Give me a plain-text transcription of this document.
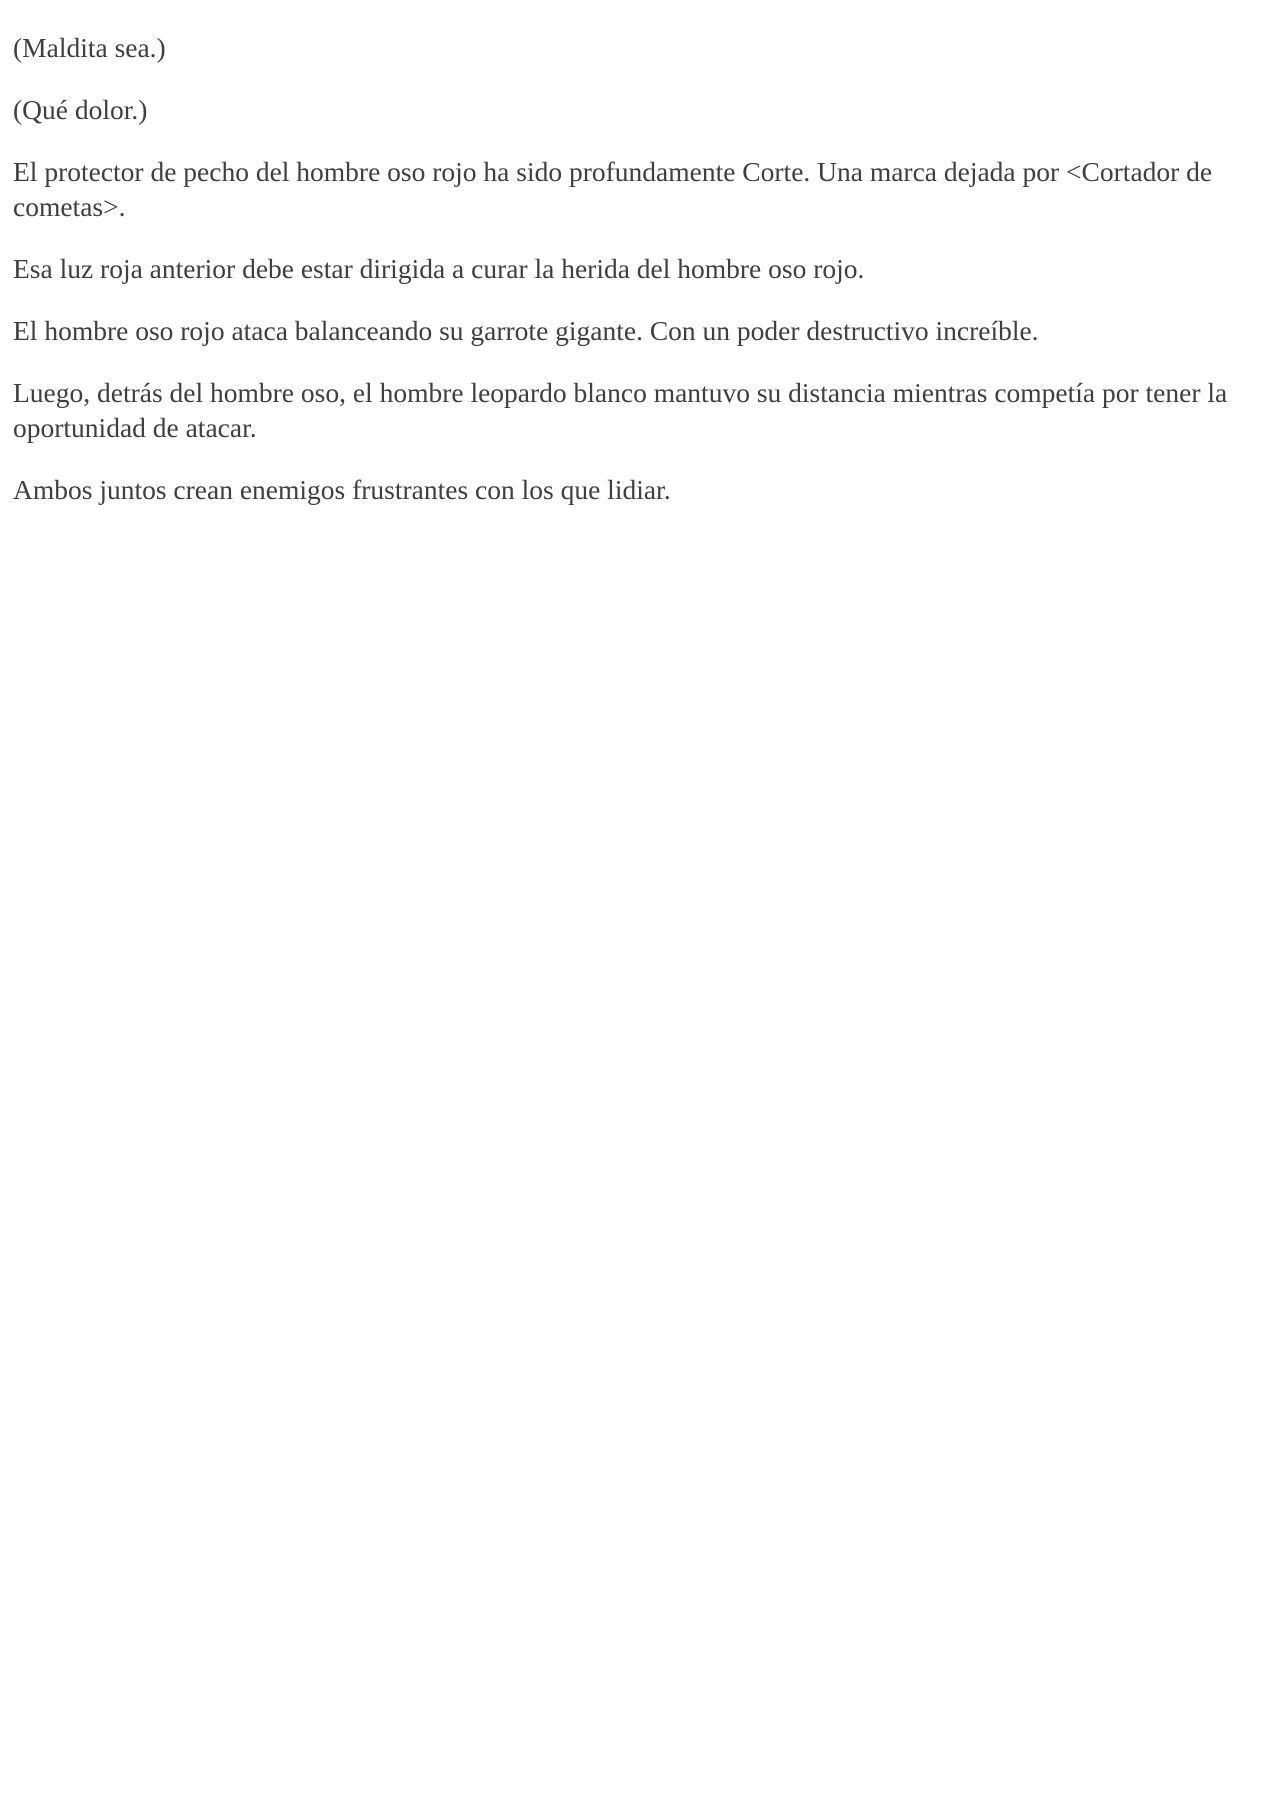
(Maldita sea.)

(Qué dolor.)

El protector de pecho del hombre oso rojo ha sido profundamente Corte. Una marca dejada por <Cortador de cometas>.

Esa luz roja anterior debe estar dirigida a curar la herida del hombre oso rojo.

El hombre oso rojo ataca balanceando su garrote gigante. Con un poder destructivo increíble.

Luego, detrás del hombre oso, el hombre leopardo blanco mantuvo su distancia mientras competía por tener la oportunidad de atacar.

Ambos juntos crean enemigos frustrantes con los que lidiar.
